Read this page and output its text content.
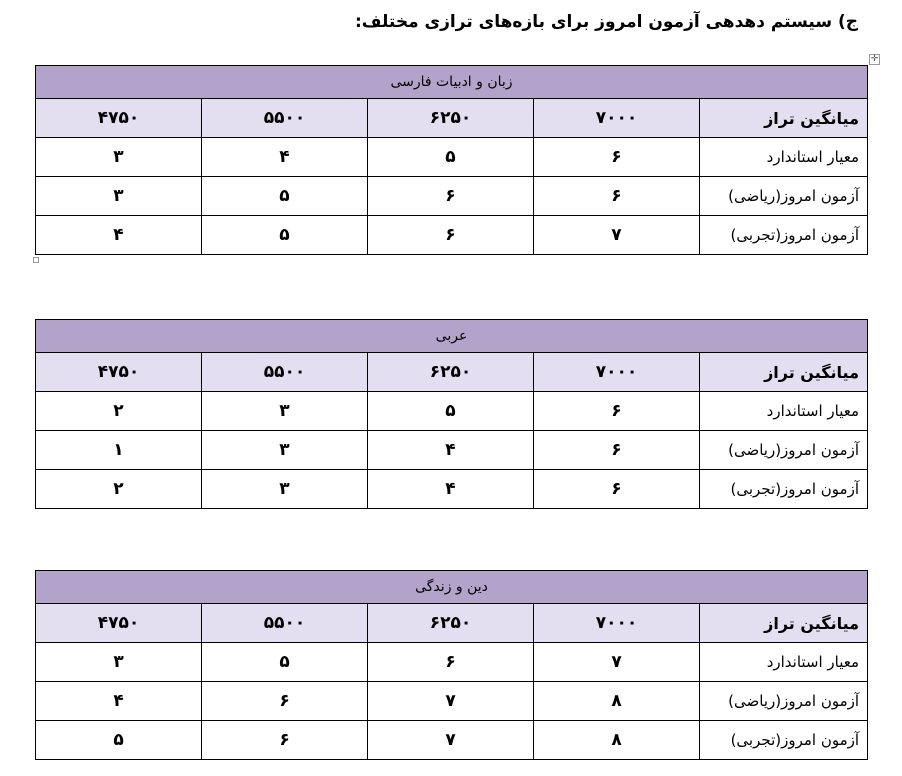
ج) سیستم دهدهی آزمون امروز برای بازه‌های ترازی مختلف:
✛
زبان و ادبیات فارسی				
میانگین تراز	۷۰۰۰	۶۲۵۰	۵۵۰۰	۴۷۵۰
معیار استاندارد	۶	۵	۴	۳
آزمون امروز(ریاضی)	۶	۶	۵	۳
آزمون امروز(تجربی)	۷	۶	۵	۴
عربی				
میانگین تراز	۷۰۰۰	۶۲۵۰	۵۵۰۰	۴۷۵۰
معیار استاندارد	۶	۵	۳	۲
آزمون امروز(ریاضی)	۶	۴	۳	۱
آزمون امروز(تجربی)	۶	۴	۳	۲
دین و زندگی				
میانگین تراز	۷۰۰۰	۶۲۵۰	۵۵۰۰	۴۷۵۰
معیار استاندارد	۷	۶	۵	۳
آزمون امروز(ریاضی)	۸	۷	۶	۴
آزمون امروز(تجربی)	۸	۷	۶	۵
